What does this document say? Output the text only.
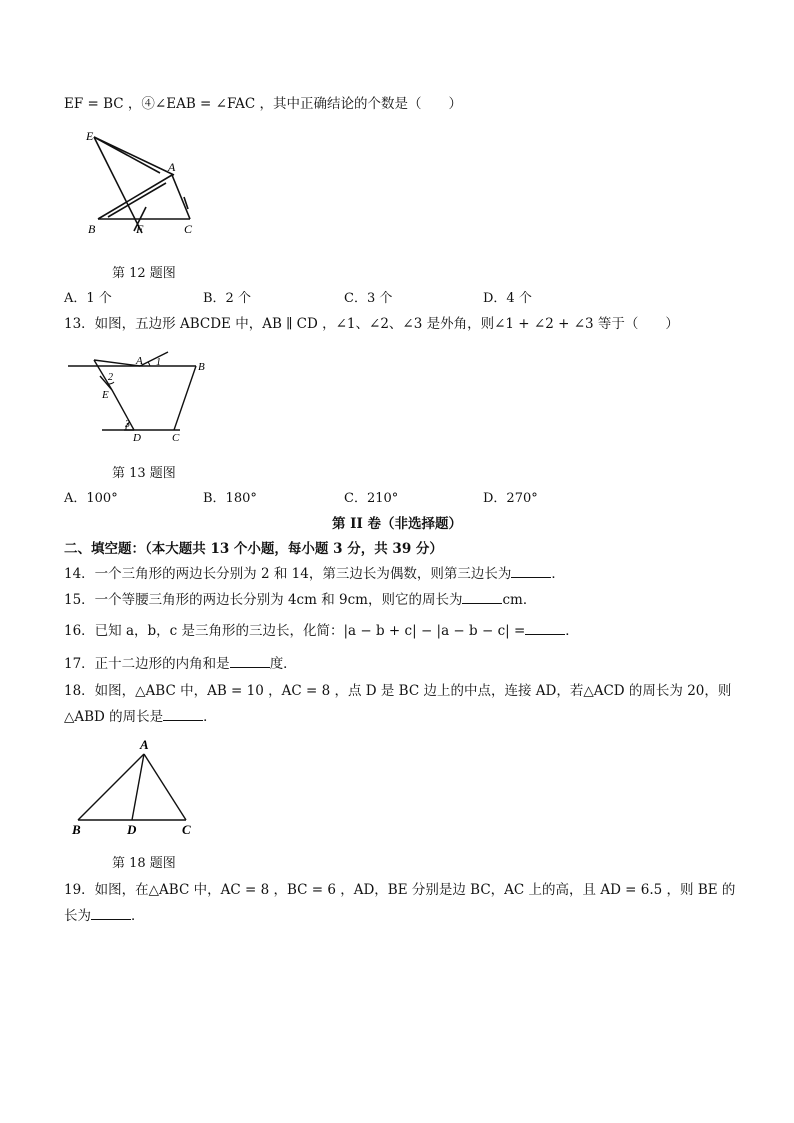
EF = BC ，④∠EAB = ∠FAC ，其中正确结论的个数是（　　）
E
A
B	F	C
第 12 题图
A．1 个	B．2 个	C．3 个	D．4 个
13．如图，五边形 ABCDE 中，AB ∥ CD ，∠1、∠2、∠3 是外角，则∠1 + ∠2 + ∠3 等于（　　）
A 1	B
2
E
3
D	C
第 13 题图
A．100°	B．180°	C．210°	D．270°
第 II 卷（非选择题）
二、填空题：（本大题共 13 个小题，每小题 3 分，共 39 分）
14．一个三角形的两边长分别为 2 和 14，第三边长为偶数，则第三边长为	．
15．一个等腰三角形的两边长分别为 4cm 和 9cm，则它的周长为	cm．
16．已知 a，b，c 是三角形的三边长，化简：|a − b + c| − |a − b − c| =	．
17．正十二边形的内角和是	度．
18．如图，△ABC 中，AB = 10 ，AC = 8 ，点 D 是 BC 边上的中点，连接 AD，若△ACD 的周长为 20，则
△ABD 的周长是	．
A
B	D	C
第 18 题图
19．如图，在△ABC 中，AC = 8 ，BC = 6 ，AD，BE 分别是边 BC，AC 上的高，且 AD = 6.5 ，则 BE 的
长为	．
